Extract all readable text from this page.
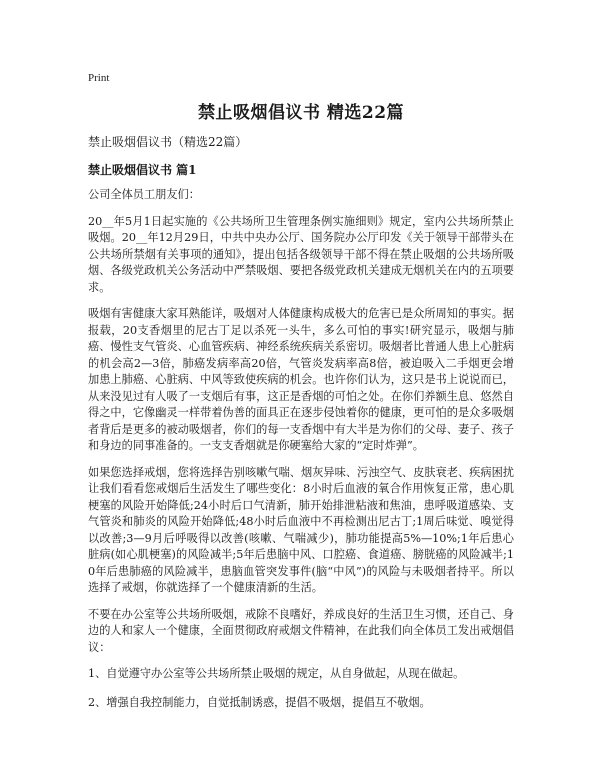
Print
禁止吸烟倡议书 精选22篇

禁止吸烟倡议书（精选22篇）

禁止吸烟倡议书 篇1

公司全体员工朋友们：

20__年5月1日起实施的《公共场所卫生管理条例实施细则》规定，室内公共场所禁止吸烟。20__年12月29日，中共中央办公厅、国务院办公厅印发《关于领导干部带头在公共场所禁烟有关事项的通知》，提出包括各级领导干部不得在禁止吸烟的公共场所吸烟、各级党政机关公务活动中严禁吸烟、要把各级党政机关建成无烟机关在内的五项要求。

吸烟有害健康大家耳熟能详，吸烟对人体健康构成极大的危害已是众所周知的事实。据报载，20支香烟里的尼古丁足以杀死一头牛，多么可怕的事实!研究显示，吸烟与肺癌、慢性支气管炎、心血管疾病、神经系统疾病关系密切。吸烟者比普通人患上心脏病的机会高2—3倍，肺癌发病率高20倍，气管炎发病率高8倍，被迫吸入二手烟更会增加患上肺癌、心脏病、中风等致使疾病的机会。也许你们认为，这只是书上说说而已，从来没见过有人吸了一支烟后有事，这正是香烟的可怕之处。在你们养额生息、悠然自得之中，它像幽灵一样带着伪善的面具正在逐步侵蚀着你的健康，更可怕的是众多吸烟者背后是更多的被动吸烟者，你们的每一支香烟中有大半是为你们的父母、妻子、孩子和身边的同事准备的。一支支香烟就是你硬塞给大家的“定时炸弹”。

如果您选择戒烟，您将选择告别咳嗽气喘、烟灰异味、污浊空气、皮肤衰老、疾病困扰让我们看看您戒烟后生活发生了哪些变化：8小时后血液的氧合作用恢复正常，患心肌梗塞的风险开始降低;24小时后口气清新，肺开始排泄粘液和焦油，患呼吸道感染、支气管炎和肺炎的风险开始降低;48小时后血液中不再检测出尼古丁;1周后味觉、嗅觉得以改善;3—9月后呼吸得以改善(咳嗽、气喘减少)，肺功能提高5%—10%;1年后患心脏病(如心肌梗塞)的风险减半;5年后患脑中风、口腔癌、食道癌、膀胱癌的风险减半;10年后患肺癌的风险减半，患脑血管突发事件(脑“中风”)的风险与未吸烟者持平。所以选择了戒烟，你就选择了一个健康清新的生活。

不要在办公室等公共场所吸烟，戒除不良嗜好，养成良好的生活卫生习惯，还自己、身边的人和家人一个健康，全面贯彻政府戒烟文件精神，在此我们向全体员工发出戒烟倡议：

1、自觉遵守办公室等公共场所禁止吸烟的规定，从自身做起，从现在做起。

2、增强自我控制能力，自觉抵制诱惑，提倡不吸烟，提倡互不敬烟。
